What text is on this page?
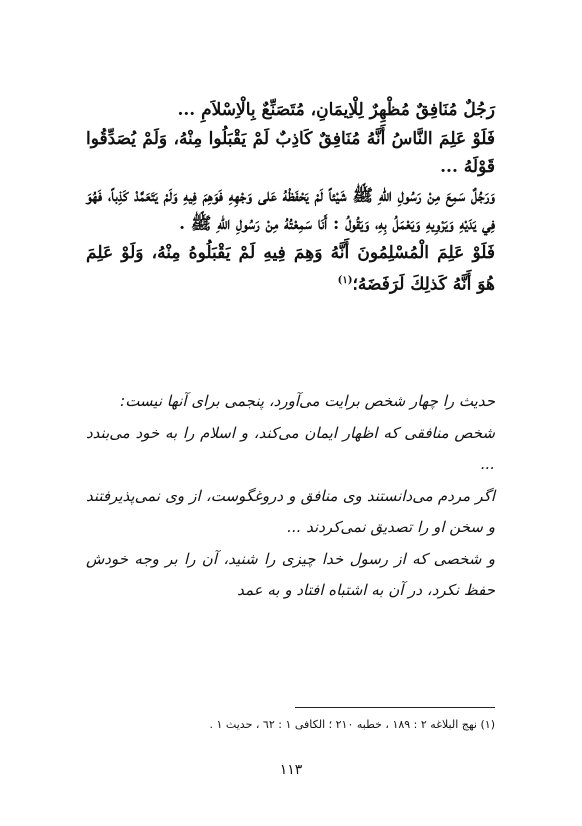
رَجُلٌ مُنَافِقٌ مُظْهِرٌ لِلْاِيمَانِ، مُتَصَنِّعٌ بِالْاِسْلاَمِ ...

فَلَوْ عَلِمَ النَّاسُ أَنَّهُ مُنَافِقٌ كَاذِبٌ لَمْ يَقْبَلُوا مِنْهُ، وَلَمْ يُصَدِّقُوا قَوْلَهُ ...

وَرَجُلٌ سَمِعَ مِنْ رَسُولِ اللهِ ﷺ شَيْئاً لَمْ يَحْفَظْهُ عَلى وَجْهِهِ فَوَهِمَ فِيهِ وَلَمْ يَتَعَمَّدْ كَذِباً، فَهُوَ فِي يَدَيْهِ وَيَرْوِيهِ وَيَعْمَلُ بِهِ، وَيَقُولُ : أَنَا سَمِعْتُهُ مِنْ رَسُولِ اللهِ ﷺ .

فَلَوْ عَلِمَ الْمُسْلِمُونَ أَنَّهُ وَهِمَ فِيهِ لَمْ يَقْبَلُوهُ مِنْهُ، وَلَوْ عَلِمَ هُوَ أَنَّهُ كَذلِكَ لَرَفَضَهُ؛$^{(١)}$

حديث را چهار شخص برايت مى‌آورد، پنجمى براى آنها نيست:

شخص منافقى كه اظهار ايمان مى‌كند، و اسلام را به خود مى‌بندد ...

اگر مردم مى‌دانستند وى منافق و دروغگوست، از وى نمى‌پذيرفتند و سخن او را تصديق نمى‌كردند ...

و شخصى كه از رسول خدا چيزى را شنيد، آن را بر وجه خودش حفظ نكرد، در آن به اشتباه افتاد و به عمد

(١) نهج البلاغه ٢ : ١٨٩ ، خطبه ٢١٠ ؛ الكافى ١ : ٦٢ ، حديث ١ .
١١٣
